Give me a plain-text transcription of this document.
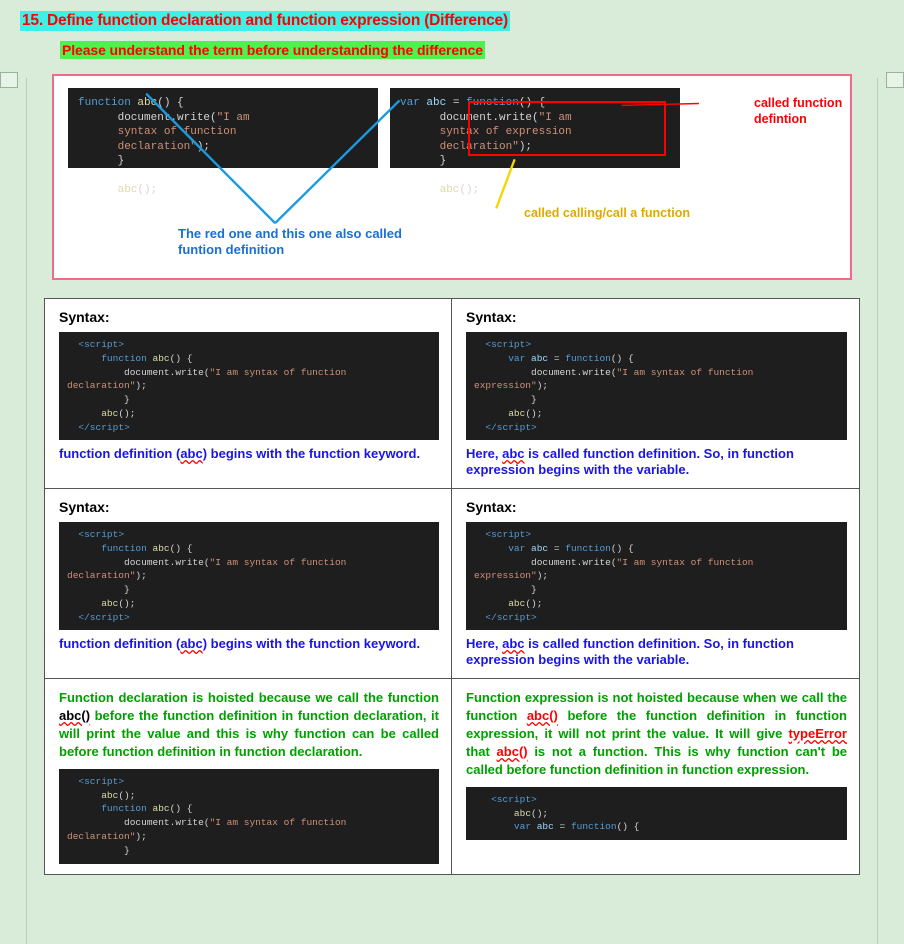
15. Define function declaration and function expression (Difference)
Please understand the term before understanding the difference
function abc() {
document.write("I am
syntax of function
declaration");
}

abc();
var abc = function() {
document.write("I am
syntax of expression
declaration");
}

abc();
called function defintion
The red one and this one also called funtion definition
called calling/call a function
Syntax:
<script>
function abc() {
document.write("I am syntax of function
declaration");
}
abc();
</script>
function definition (abc) begins with the function keyword.
Syntax:
<script>
var abc = function() {
document.write("I am syntax of function
expression");
}
abc();
</script>
Here, abc is called function definition. So, in function expression begins with the variable.
Syntax:
<script>
function abc() {
document.write("I am syntax of function
declaration");
}
abc();
</script>
function definition (abc) begins with the function keyword.
Syntax:
<script>
var abc = function() {
document.write("I am syntax of function
expression");
}
abc();
</script>
Here, abc is called function definition. So, in function expression begins with the variable.
Function declaration is hoisted because we call the function abc() before the function definition in function declaration, it will print the value and this is why function can be called before function definition in function declaration.
<script>
abc();
function abc() {
document.write("I am syntax of function
declaration");
}
Function expression is not hoisted because when we call the function abc() before the function definition in function expression, it will not print the value. It will give typeError that abc() is not a function. This is why function can't be called before function definition in function expression.
<script>
abc();
var abc = function() {
